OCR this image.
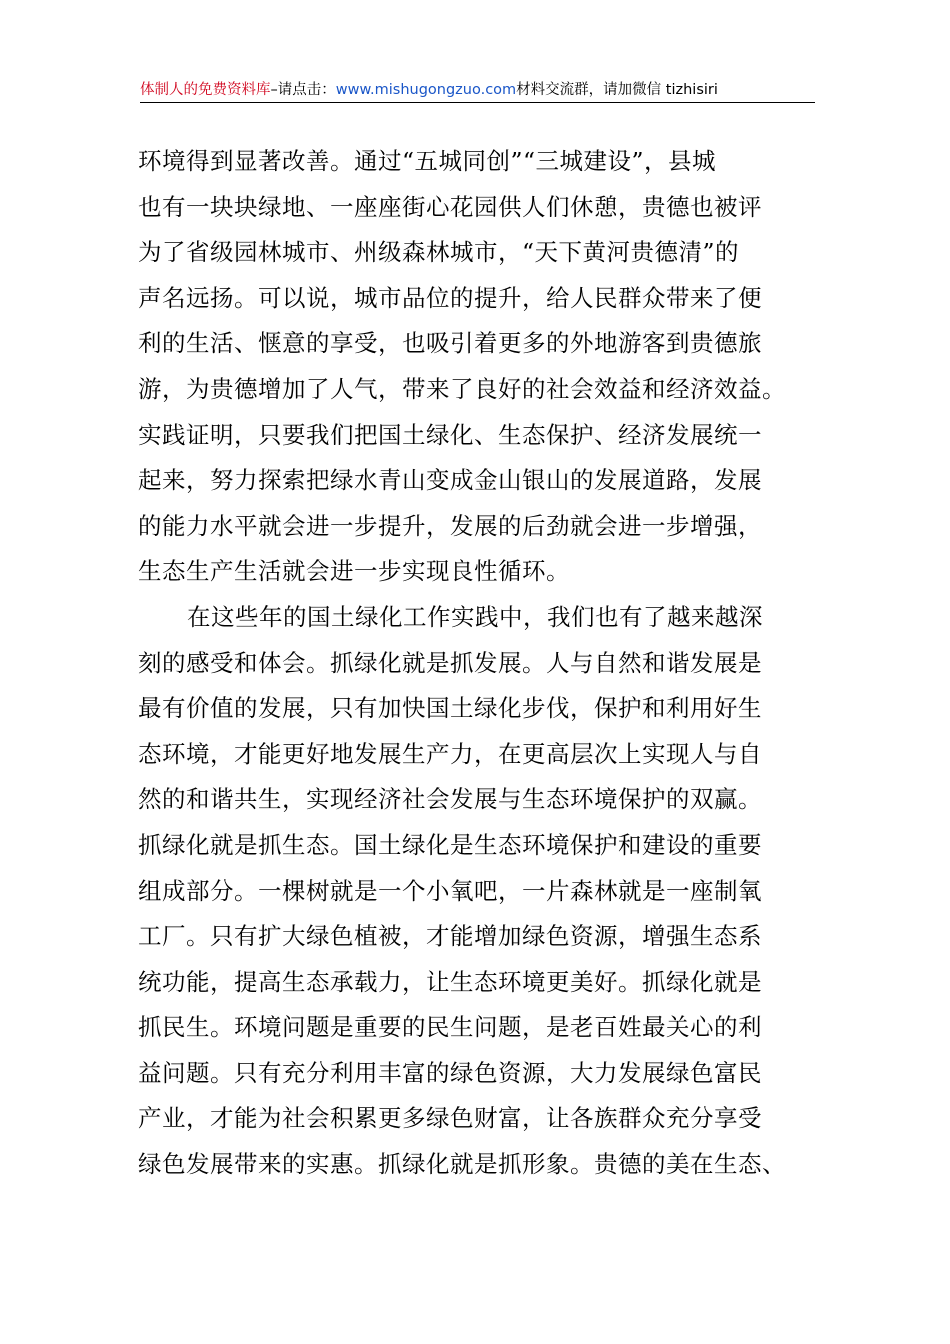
体制人的免费资料库–请点击：www.mishugongzuo.com材料交流群，请加微信 tizhisiri
环境得到显著改善。通过“五城同创”“三城建设”，县城
也有一块块绿地、一座座街心花园供人们休憩，贵德也被评
为了省级园林城市、州级森林城市，“天下黄河贵德清”的
声名远扬。可以说，城市品位的提升，给人民群众带来了便
利的生活、惬意的享受，也吸引着更多的外地游客到贵德旅
游，为贵德增加了人气，带来了良好的社会效益和经济效益。
实践证明，只要我们把国土绿化、生态保护、经济发展统一
起来，努力探索把绿水青山变成金山银山的发展道路，发展
的能力水平就会进一步提升，发展的后劲就会进一步增强，
生态生产生活就会进一步实现良性循环。
在这些年的国土绿化工作实践中，我们也有了越来越深
刻的感受和体会。抓绿化就是抓发展。人与自然和谐发展是
最有价值的发展，只有加快国土绿化步伐，保护和利用好生
态环境，才能更好地发展生产力，在更高层次上实现人与自
然的和谐共生，实现经济社会发展与生态环境保护的双赢。
抓绿化就是抓生态。国土绿化是生态环境保护和建设的重要
组成部分。一棵树就是一个小氧吧，一片森林就是一座制氧
工厂。只有扩大绿色植被，才能增加绿色资源，增强生态系
统功能，提高生态承载力，让生态环境更美好。抓绿化就是
抓民生。环境问题是重要的民生问题，是老百姓最关心的利
益问题。只有充分利用丰富的绿色资源，大力发展绿色富民
产业，才能为社会积累更多绿色财富，让各族群众充分享受
绿色发展带来的实惠。抓绿化就是抓形象。贵德的美在生态、
